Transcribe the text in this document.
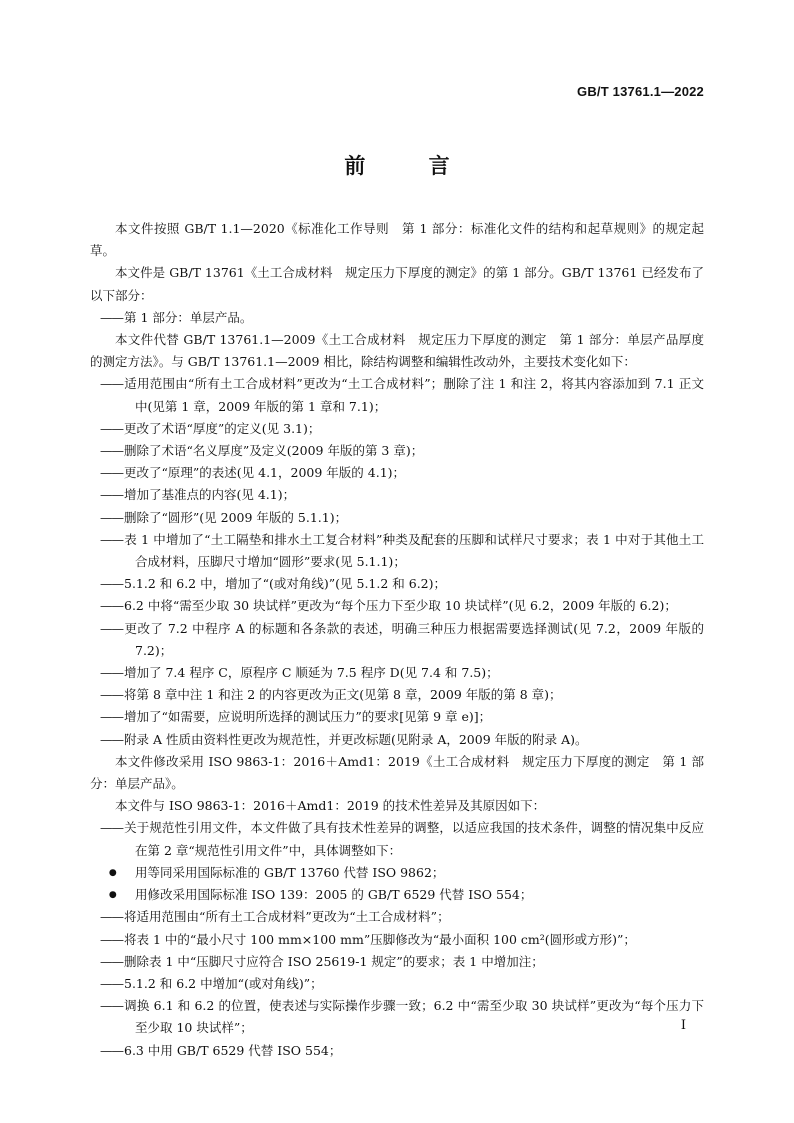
GB/T 13761.1—2022
前 言

本文件按照 GB/T 1.1—2020《标准化工作导则　第 1 部分：标准化文件的结构和起草规则》的规定起草。

本文件是 GB/T 13761《土工合成材料　规定压力下厚度的测定》的第 1 部分。GB/T 13761 已经发布了以下部分：

—— 第 1 部分：单层产品。

本文件代替 GB/T 13761.1—2009《土工合成材料　规定压力下厚度的测定　第 1 部分：单层产品厚度的测定方法》。与 GB/T 13761.1—2009 相比，除结构调整和编辑性改动外，主要技术变化如下：

—— 适用范围由“所有土工合成材料”更改为“土工合成材料”；删除了注 1 和注 2，将其内容添加到 7.1 正文中(见第 1 章，2009 年版的第 1 章和 7.1)；

—— 更改了术语“厚度”的定义(见 3.1)；

—— 删除了术语“名义厚度”及定义(2009 年版的第 3 章)；

—— 更改了“原理”的表述(见 4.1，2009 年版的 4.1)；

—— 增加了基准点的内容(见 4.1)；

—— 删除了“圆形”(见 2009 年版的 5.1.1)；

—— 表 1 中增加了“土工隔垫和排水土工复合材料”种类及配套的压脚和试样尺寸要求；表 1 中对于其他土工合成材料，压脚尺寸增加“圆形”要求(见 5.1.1)；

—— 5.1.2 和 6.2 中，增加了“(或对角线)”(见 5.1.2 和 6.2)；

—— 6.2 中将“需至少取 30 块试样”更改为“每个压力下至少取 10 块试样”(见 6.2，2009 年版的 6.2)；

—— 更改了 7.2 中程序 A 的标题和各条款的表述，明确三种压力根据需要选择测试(见 7.2，2009 年版的 7.2)；

—— 增加了 7.4 程序 C，原程序 C 顺延为 7.5 程序 D(见 7.4 和 7.5)；

—— 将第 8 章中注 1 和注 2 的内容更改为正文(见第 8 章，2009 年版的第 8 章)；

—— 增加了“如需要，应说明所选择的测试压力”的要求[见第 9 章 e)]；

—— 附录 A 性质由资料性更改为规范性，并更改标题(见附录 A，2009 年版的附录 A)。

本文件修改采用 ISO 9863-1：2016＋Amd1：2019《土工合成材料　规定压力下厚度的测定　第 1 部分：单层产品》。

本文件与 ISO 9863-1：2016＋Amd1：2019 的技术性差异及其原因如下：

—— 关于规范性引用文件，本文件做了具有技术性差异的调整，以适应我国的技术条件，调整的情况集中反应在第 2 章“规范性引用文件”中，具体调整如下：

● 用等同采用国际标准的 GB/T 13760 代替 ISO 9862；

● 用修改采用国际标准 ISO 139：2005 的 GB/T 6529 代替 ISO 554；

—— 将适用范围由“所有土工合成材料”更改为“土工合成材料”；

—— 将表 1 中的“最小尺寸 100 mm×100 mm”压脚修改为“最小面积 100 cm²(圆形或方形)”；

—— 删除表 1 中“压脚尺寸应符合 ISO 25619-1 规定”的要求；表 1 中增加注；

—— 5.1.2 和 6.2 中增加“(或对角线)”；

—— 调换 6.1 和 6.2 的位置，使表述与实际操作步骤一致；6.2 中“需至少取 30 块试样”更改为“每个压力下至少取 10 块试样”；

—— 6.3 中用 GB/T 6529 代替 ISO 554；

I
